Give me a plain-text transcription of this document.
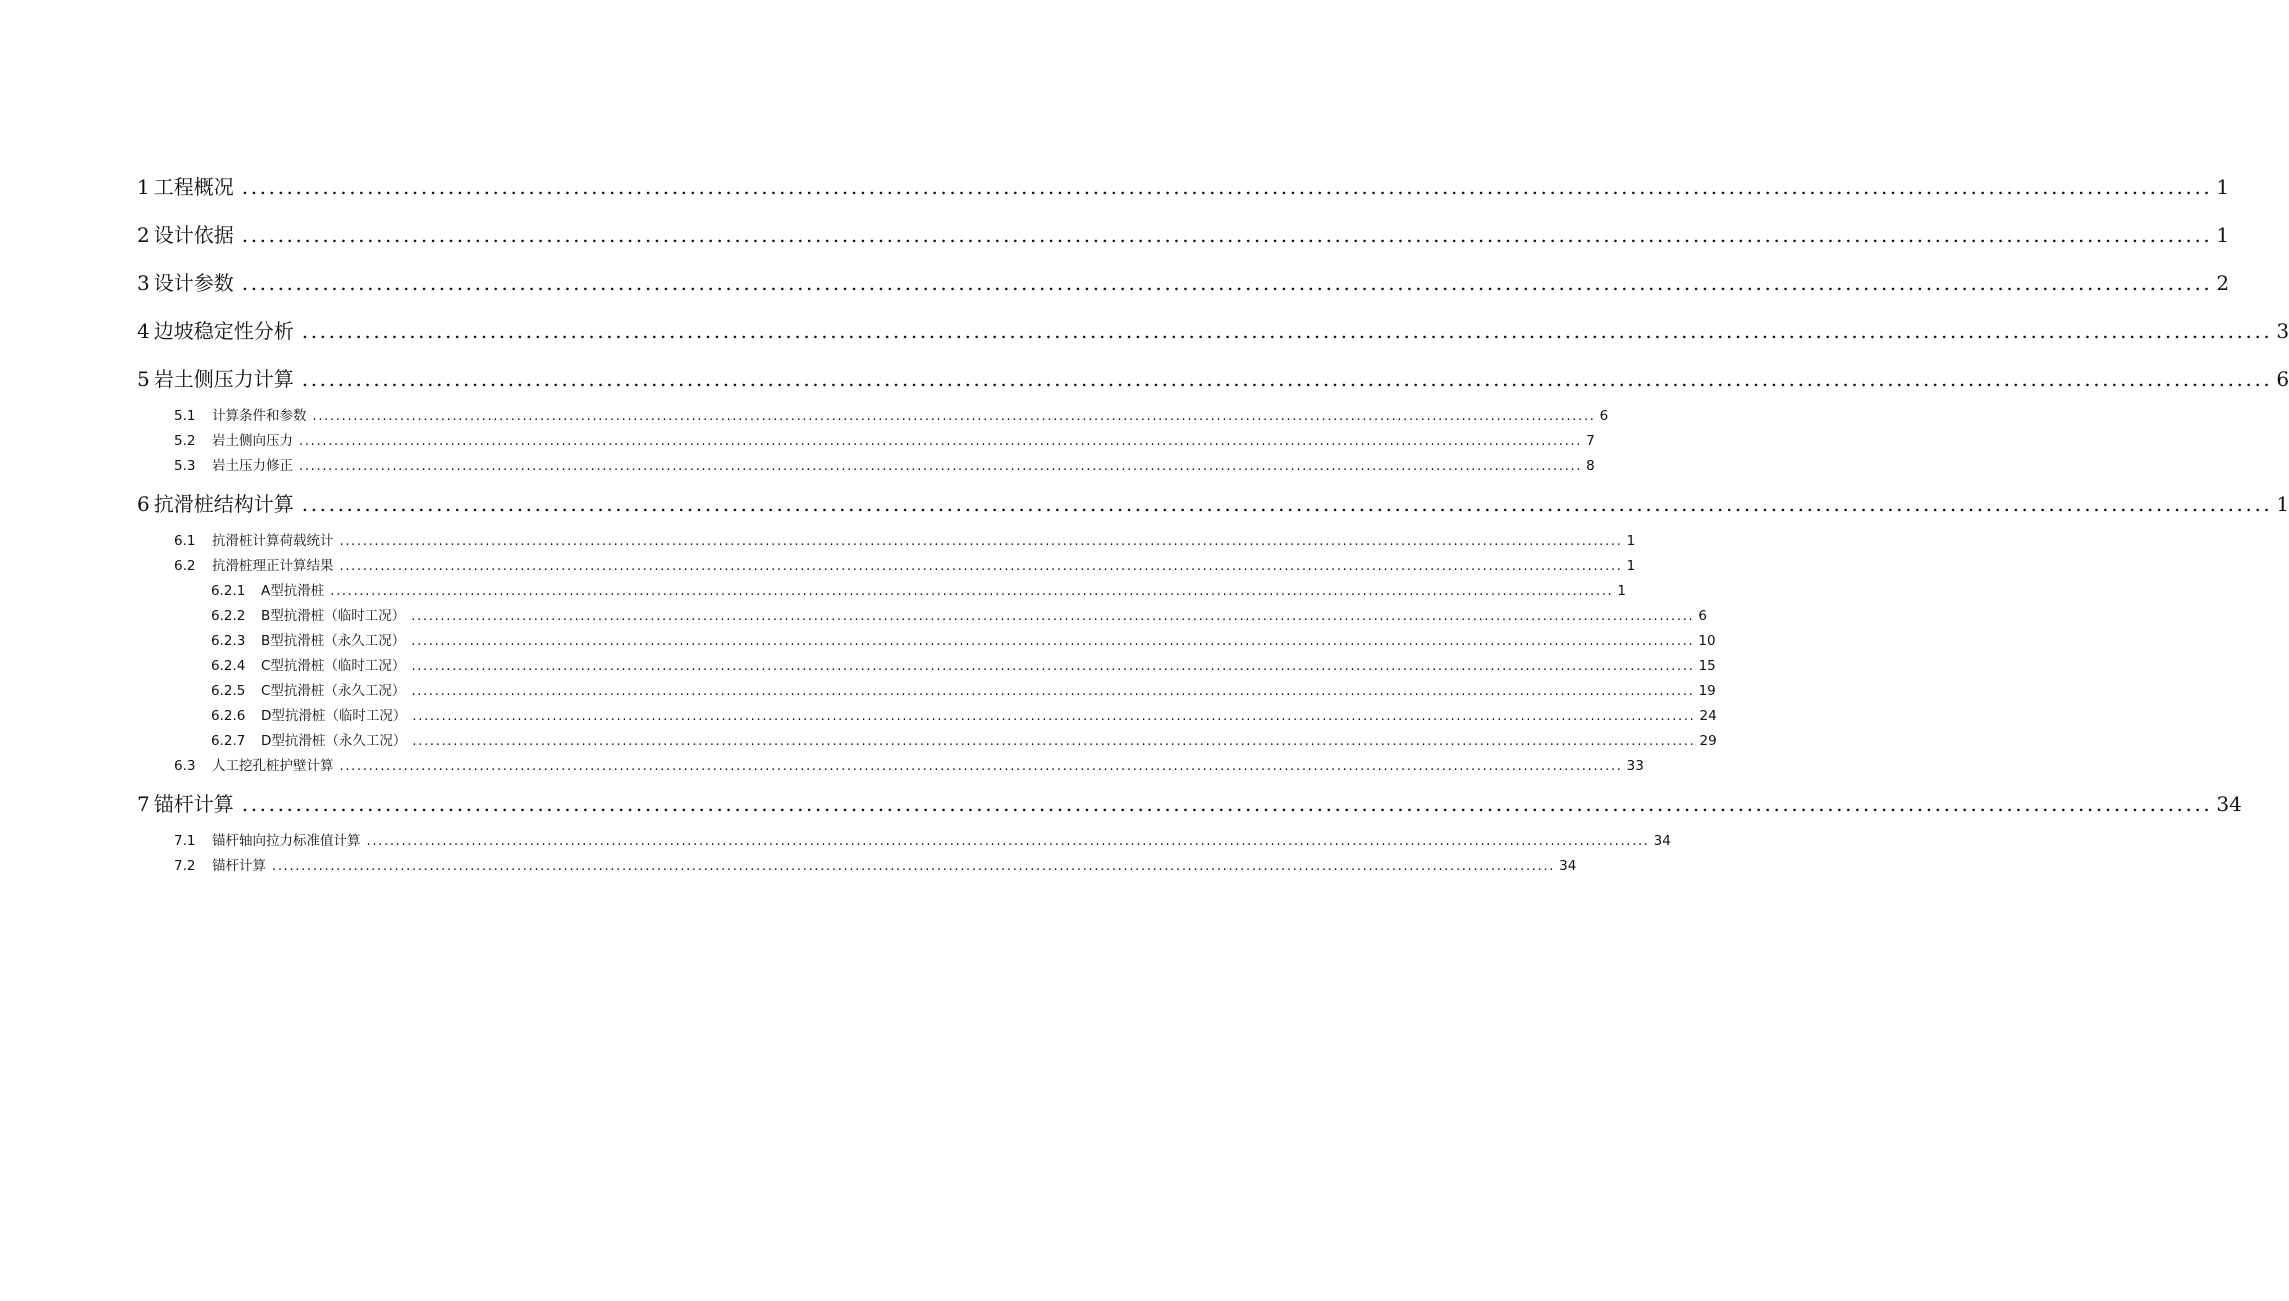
1 工程概况 ............................................................................................................................................................................................................................ 1
2 设计依据 ............................................................................................................................................................................................................................ 1
3 设计参数 ............................................................................................................................................................................................................................ 2
4 边坡稳定性分析 ............................................................................................................................................................................................................................ 3
5 岩土侧压力计算 ............................................................................................................................................................................................................................ 6
5.1	计算条件和参数 ............................................................................................................................................................................................................................ 6
5.2	岩土侧向压力 ............................................................................................................................................................................................................................ 7
5.3	岩土压力修正 ............................................................................................................................................................................................................................ 8
6 抗滑桩结构计算 ............................................................................................................................................................................................................................ 1
6.1	抗滑桩计算荷载统计 ............................................................................................................................................................................................................................ 1
6.2	抗滑桩理正计算结果 ............................................................................................................................................................................................................................ 1
6.2.1	A型抗滑桩 ............................................................................................................................................................................................................................ 1
6.2.2	B型抗滑桩（临时工况） ............................................................................................................................................................................................................................ 6
6.2.3	B型抗滑桩（永久工况） ............................................................................................................................................................................................................................ 10
6.2.4	C型抗滑桩（临时工况） ............................................................................................................................................................................................................................ 15
6.2.5	C型抗滑桩（永久工况） ............................................................................................................................................................................................................................ 19
6.2.6	D型抗滑桩（临时工况） ............................................................................................................................................................................................................................ 24
6.2.7	D型抗滑桩（永久工况） ............................................................................................................................................................................................................................ 29
6.3	人工挖孔桩护壁计算 ............................................................................................................................................................................................................................ 33
7 锚杆计算 ............................................................................................................................................................................................................................ 34
7.1	锚杆轴向拉力标准值计算 ............................................................................................................................................................................................................................ 34
7.2	锚杆计算 ............................................................................................................................................................................................................................ 34
